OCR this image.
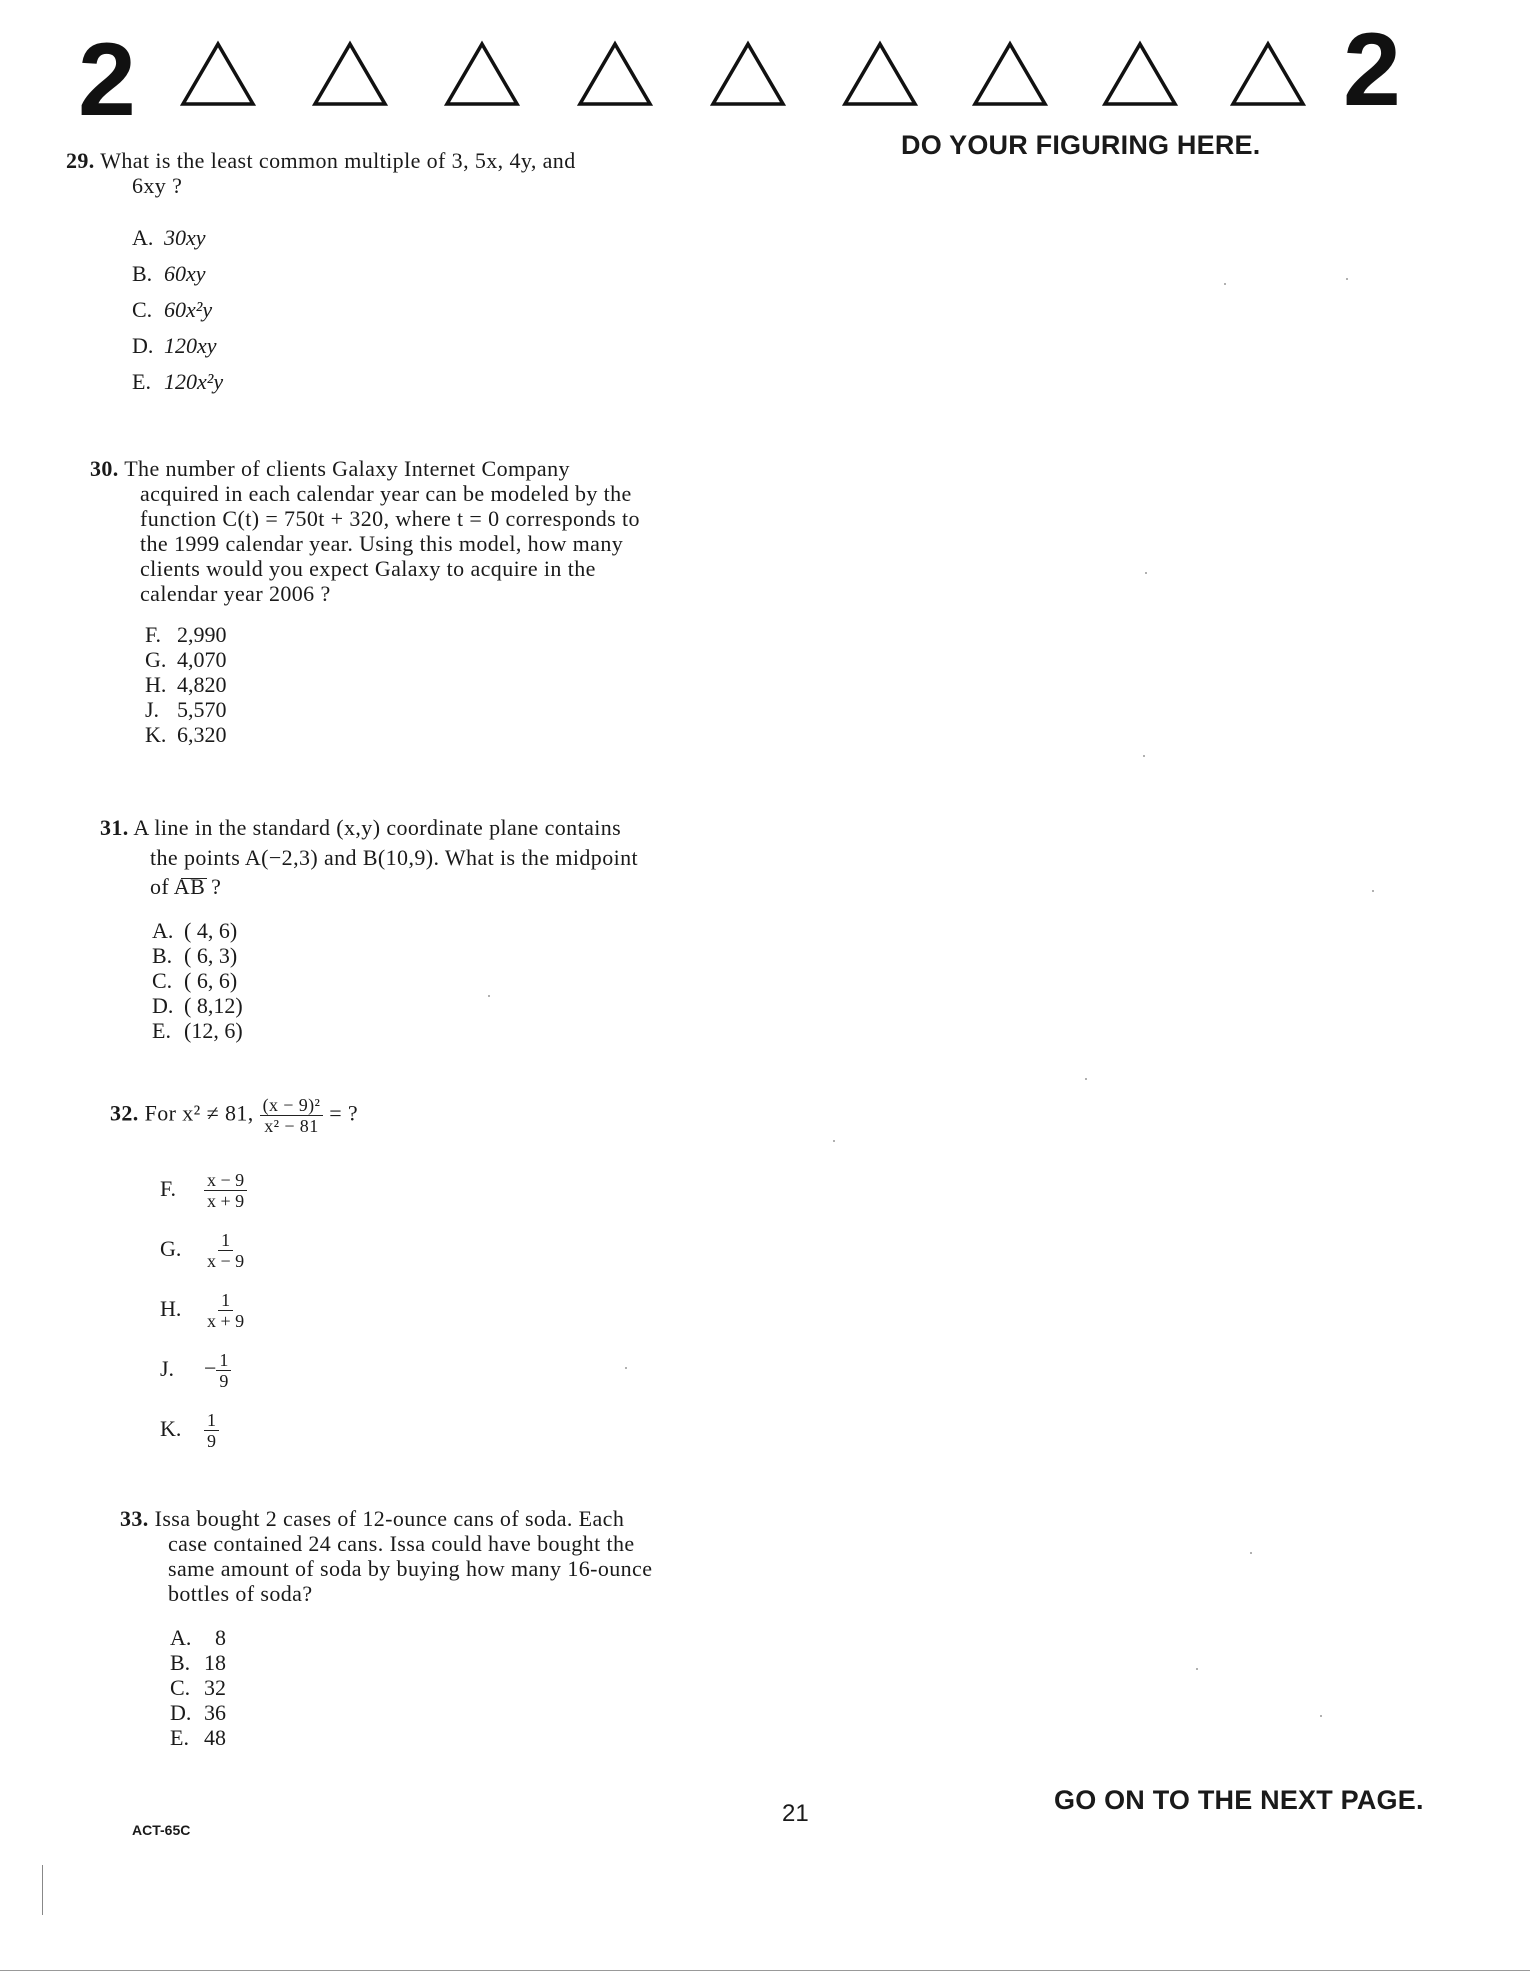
2	2
DO YOUR FIGURING HERE.
29. What is the least common multiple of 3, 5x, 4y, and
6xy ?
A. 30xy
B. 60xy
C. 60x²y
D. 120xy
E. 120x²y
30. The number of clients Galaxy Internet Company
acquired in each calendar year can be modeled by the
function C(t) = 750t + 320, where t = 0 corresponds to
the 1999 calendar year. Using this model, how many
clients would you expect Galaxy to acquire in the
calendar year 2006 ?
F. 2,990
G. 4,070
H. 4,820
J. 5,570
K. 6,320
31. A line in the standard (x,y) coordinate plane contains
the points A(−2,3) and B(10,9). What is the midpoint
of AB ?
A. ( 4, 6)
B. ( 6, 3)
C. ( 6, 6)
D. ( 8,12)
E. (12, 6)
32. For x² ≠ 81, $\frac{\text{(x − 9)²}}{\text{x² − 81}}$ = ?
F. $\frac{x - 9}{x + 9}$
G. $\frac{1}{x - 9}$
H. $\frac{1}{x + 9}$
J. − $\frac{1}{9}$
K. $\frac{1}{9}$
33. Issa bought 2 cases of 12-ounce cans of soda. Each
case contained 24 cans. Issa could have bought the
same amount of soda by buying how many 16-ounce
bottles of soda?
A. 8
B. 18
C. 32
D. 36
E. 48
ACT-65C
21	GO ON TO THE NEXT PAGE.
